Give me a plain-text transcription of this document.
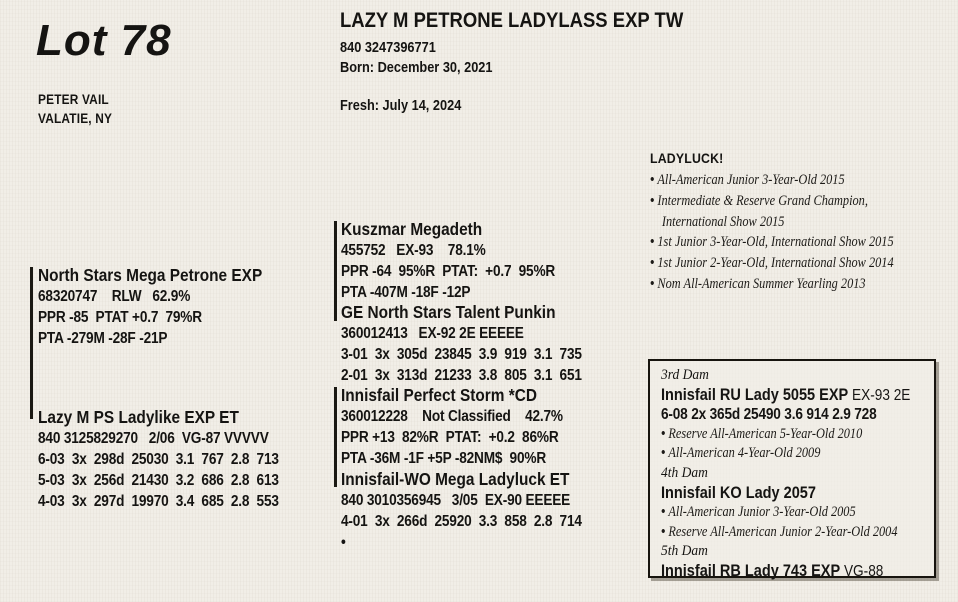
Lot 78
PETER VAIL
VALATIE, NY
LAZY M PETRONE LADYLASS EXP TW
840 3247396771
Born: December 30, 2021
Fresh: July 14, 2024
LADYLUCK!
• All-American Junior 3-Year-Old 2015
• Intermediate & Reserve Grand Champion, International Show 2015
• 1st Junior 3-Year-Old, International Show 2015
• 1st Junior 2-Year-Old, International Show 2014
• Nom All-American Summer Yearling 2013
North Stars Mega Petrone EXP
68320747    RLW   62.9%
PPR -85  PTAT +0.7  79%R
PTA -279M -28F -21P
Lazy M PS Ladylike EXP ET
840 3125829270   2/06  VG-87 VVVVV
6-03  3x  298d  25030  3.1  767  2.8  713
5-03  3x  256d  21430  3.2  686  2.8  613
4-03  3x  297d  19970  3.4  685  2.8  553
Kuszmar Megadeth
455752   EX-93    78.1%
PPR -64  95%R  PTAT:  +0.7  95%R
PTA -407M -18F -12P
GE North Stars Talent Punkin
360012413   EX-92 2E EEEEE
3-01  3x  305d  23845  3.9  919  3.1  735
2-01  3x  313d  21233  3.8  805  3.1  651
Innisfail Perfect Storm *CD
360012228    Not Classified    42.7%
PPR +13  82%R  PTAT:  +0.2  86%R
PTA -36M -1F +5P -82NM$  90%R
Innisfail-WO Mega Ladyluck ET
840 3010356945   3/05  EX-90 EEEEE
4-01  3x  266d  25920  3.3  858  2.8  714
•
3rd Dam
Innisfail RU Lady 5055 EXP EX-93 2E
6-08 2x 365d 25490 3.6 914 2.9 728
• Reserve All-American 5-Year-Old 2010
• All-American 4-Year-Old 2009
4th Dam
Innisfail KO Lady 2057
• All-American Junior 3-Year-Old 2005
• Reserve All-American Junior 2-Year-Old 2004
5th Dam
Innisfail RB Lady 743 EXP VG-88
